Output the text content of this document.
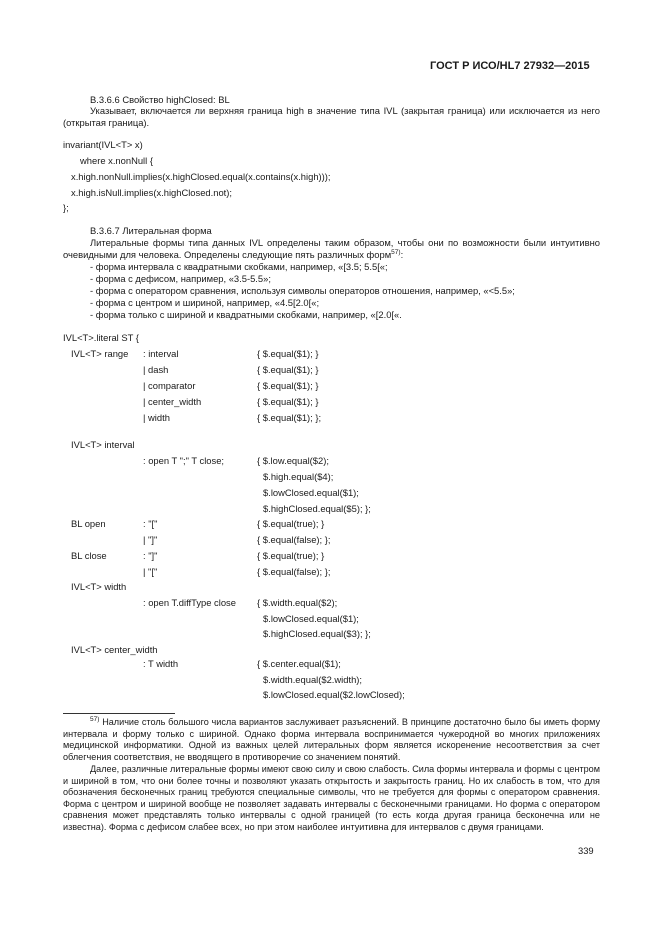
ГОСТ Р ИСО/HL7 27932—2015
В.3.6.6 Свойство highClosed: BL
Указывает, включается ли верхняя граница high в значение типа IVL (закрытая граница) или исключается из него (открытая граница).
invariant(IVL<T> x)
where x.nonNull {
x.high.nonNull.implies(x.highClosed.equal(x.contains(x.high)));
x.high.isNull.implies(x.highClosed.not);
};
В.3.6.7 Литеральная форма
Литеральные формы типа данных IVL определены таким образом, чтобы они по возможности были интуитивно очевидными для человека. Определены следующие пять различных форм$^{57)}$:
- форма интервала с квадратными скобками, например, «[3.5; 5.5[«;
- форма с дефисом, например, «3.5-5.5»;
- форма с оператором сравнения, используя символы операторов отношения, например, «<5.5»;
- форма с центром и шириной, например, «4.5[2.0[«;
- форма только с шириной и квадратными скобками, например, «[2.0[«.
IVL<T>.literal ST {
IVL<T> range : interval	{ $.equal($1); }
| dash	{ $.equal($1); }
| comparator	{ $.equal($1); }
| center_width	{ $.equal($1); }
| width	{ $.equal($1); };
IVL<T> interval
: open T ";" T close;	{ $.low.equal($2);
$.high.equal($4);
$.lowClosed.equal($1);
$.highClosed.equal($5); };
BL open	: "["	{ $.equal(true); }
| "]"	{ $.equal(false); };
BL close	: "]"	{ $.equal(true); }
| "["	{ $.equal(false); };
IVL<T> width
: open T.diffType close { $.width.equal($2);
$.lowClosed.equal($1);
$.highClosed.equal($3); };
IVL<T> center_width
: T width	{ $.center.equal($1);
$.width.equal($2.width);
$.lowClosed.equal($2.lowClosed);
$^{57)}$ Наличие столь большого числа вариантов заслуживает разъяснений. В принципе достаточно было бы иметь форму интервала и форму только с шириной. Однако форма интервала воспринимается чужеродной во многих приложениях медицинской информатики. Одной из важных целей литеральных форм является искоренение несоответствия за счет облегчения соответствия, не вводящего в противоречие со значением понятий.
Далее, различные литеральные формы имеют свою силу и свою слабость. Сила формы интервала и формы с центром и шириной в том, что они более точны и позволяют указать открытость и закрытость границ. Но их слабость в том, что для обозначения бесконечных границ требуются специальные символы, что не требуется для формы с оператором сравнения. Форма с центром и шириной вообще не позволяет задавать интервалы с бесконечными границами. Но форма с оператором сравнения может представлять только интервалы с одной границей (то есть когда другая граница бесконечна или не известна). Форма с дефисом слабее всех, но при этом наиболее интуитивна для интервалов с двумя границами.
339
